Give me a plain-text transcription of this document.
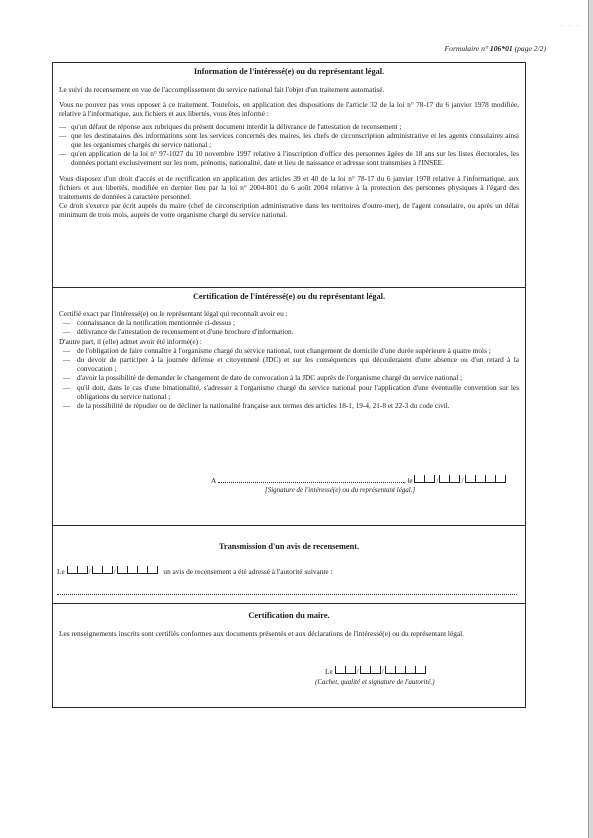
· · ·
Formulaire n° 106*01 (page 2/2)
Information de l'intéressé(e) ou du représentant légal.

Le suivi du recensement en vue de l'accomplissement du service national fait l'objet d'un traitement automatisé.

Vous ne pouvez pas vous opposer à ce traitement. Toutefois, en application des dispositions de l'article 32 de la loi n° 78-17 du 6 janvier 1978 modifiée, relative à l'informatique, aux fichiers et aux libertés, vous êtes informé :

— qu'un défaut de réponse aux rubriques du présent document interdit la délivrance de l'attestation de recensement ;
— que les destinataires des informations sont les services concernés des maires, les chefs de circonscription administrative et les agents consulaires ainsi que les organismes chargés du service national ;
— qu'en application de la loi n° 97-1027 du 10 novembre 1997 relative à l'inscription d'office des personnes âgées de 18 ans sur les listes électorales, les données portant exclusivement sur les nom, prénoms, nationalité, date et lieu de naissance et adresse sont transmises à l'INSEE.

Vous disposez d'un droit d'accès et de rectification en application des articles 39 et 40 de la loi n° 78-17 du 6 janvier 1978 relative à l'informatique, aux fichiers et aux libertés, modifiée en dernier lieu par la loi n° 2004-801 du 6 août 2004 relative à la protection des personnes physiques à l'égard des traitements de données à caractère personnel.

Ce droit s'exerce par écrit auprès du maire (chef de circonscription administrative dans les territoires d'outre-mer), de l'agent consulaire, ou après un délai minimum de trois mois, auprès de votre organisme chargé du service national.

Certification de l'intéressé(e) ou du représentant légal.

Certifié exact par l'intéressé(e) ou le représentant légal qui reconnaît avoir eu :

— connaissance de la notification mentionnée ci-dessus ;
— délivrance de l'attestation de recensement et d'une brochure d'information.

D'autre part, il (elle) admet avoir été informé(e) :

— de l'obligation de faire connaître à l'organisme chargé du service national, tout changement de domicile d'une durée supérieure à quatre mois ;
— du devoir de participer à la journée défense et citoyenneté (JDC) et sur les conséquences qui découleraient d'une absence ou d'un retard à la convocation ;
— d'avoir la possibilité de demander le changement de date de convocation à la JDC auprès de l'organisme chargé du service national ;
— qu'il doit, dans le cas d'une binationalité, s'adresser à l'organisme chargé du service national pour l'application d'une éventuelle convention sur les obligations du service national ;
— de la possibilité de répudier ou de décliner la nationalité française aux termes des articles 18-1, 19-4, 21-8 et 22-3 du code civil.
A	, le	/	/
[Signature de l'intéressé(e) ou du représentant légal.]
Transmission d'un avis de recensement.
Le	/	/	un avis de recensement a été adressé à l'autorité suivante :
Certification du maire.

Les renseignements inscrits sont certifiés conformes aux documents présentés et aux déclarations de l'intéressé(e) ou du représentant légal.

Le	/	/
(Cachet, qualité et signature de l'autorité.)
